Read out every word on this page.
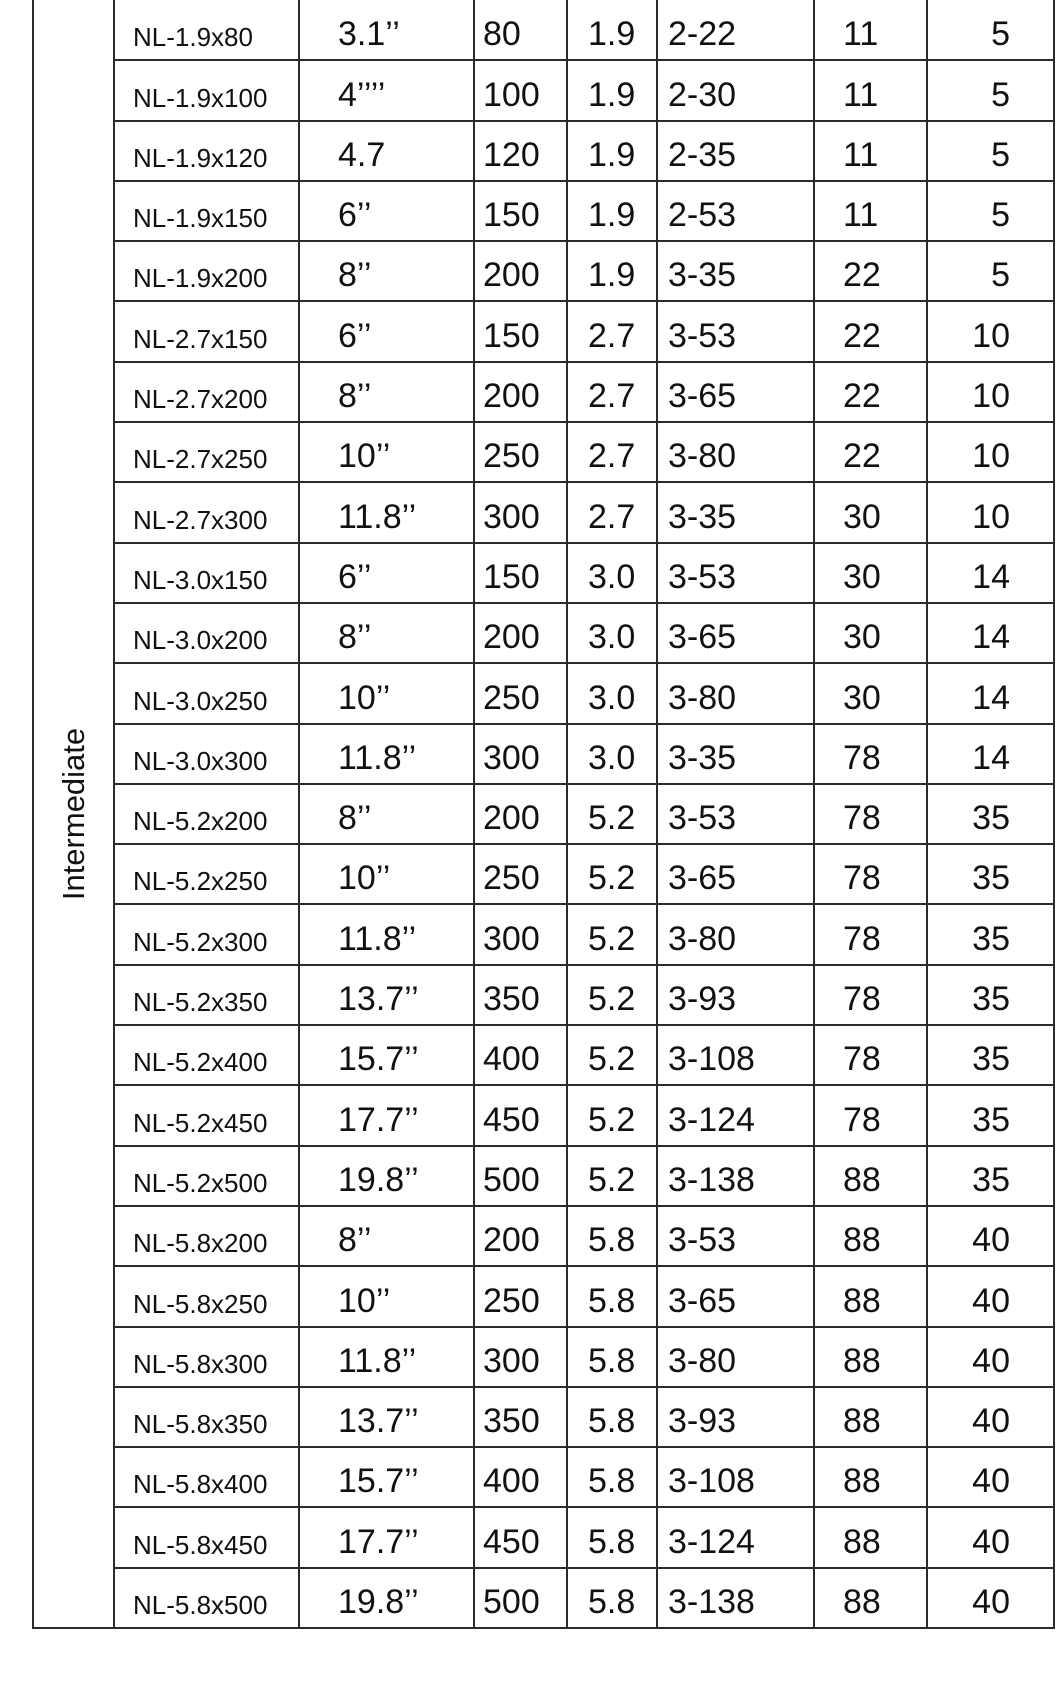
Intermediate	NL-1.9x80	3.1’’	80	1.9	2-22	11	5
	NL-1.9x100	4’’’’	100	1.9	2-30	11	5
	NL-1.9x120	4.7	120	1.9	2-35	11	5
	NL-1.9x150	6’’	150	1.9	2-53	11	5
	NL-1.9x200	8’’	200	1.9	3-35	22	5
	NL-2.7x150	6’’	150	2.7	3-53	22	10
	NL-2.7x200	8’’	200	2.7	3-65	22	10
	NL-2.7x250	10’’	250	2.7	3-80	22	10
	NL-2.7x300	11.8’’	300	2.7	3-35	30	10
	NL-3.0x150	6’’	150	3.0	3-53	30	14
	NL-3.0x200	8’’	200	3.0	3-65	30	14
	NL-3.0x250	10’’	250	3.0	3-80	30	14
	NL-3.0x300	11.8’’	300	3.0	3-35	78	14
	NL-5.2x200	8’’	200	5.2	3-53	78	35
	NL-5.2x250	10’’	250	5.2	3-65	78	35
	NL-5.2x300	11.8’’	300	5.2	3-80	78	35
	NL-5.2x350	13.7’’	350	5.2	3-93	78	35
	NL-5.2x400	15.7’’	400	5.2	3-108	78	35
	NL-5.2x450	17.7’’	450	5.2	3-124	78	35
	NL-5.2x500	19.8’’	500	5.2	3-138	88	35
	NL-5.8x200	8’’	200	5.8	3-53	88	40
	NL-5.8x250	10’’	250	5.8	3-65	88	40
	NL-5.8x300	11.8’’	300	5.8	3-80	88	40
	NL-5.8x350	13.7’’	350	5.8	3-93	88	40
	NL-5.8x400	15.7’’	400	5.8	3-108	88	40
	NL-5.8x450	17.7’’	450	5.8	3-124	88	40
	NL-5.8x500	19.8’’	500	5.8	3-138	88	40
